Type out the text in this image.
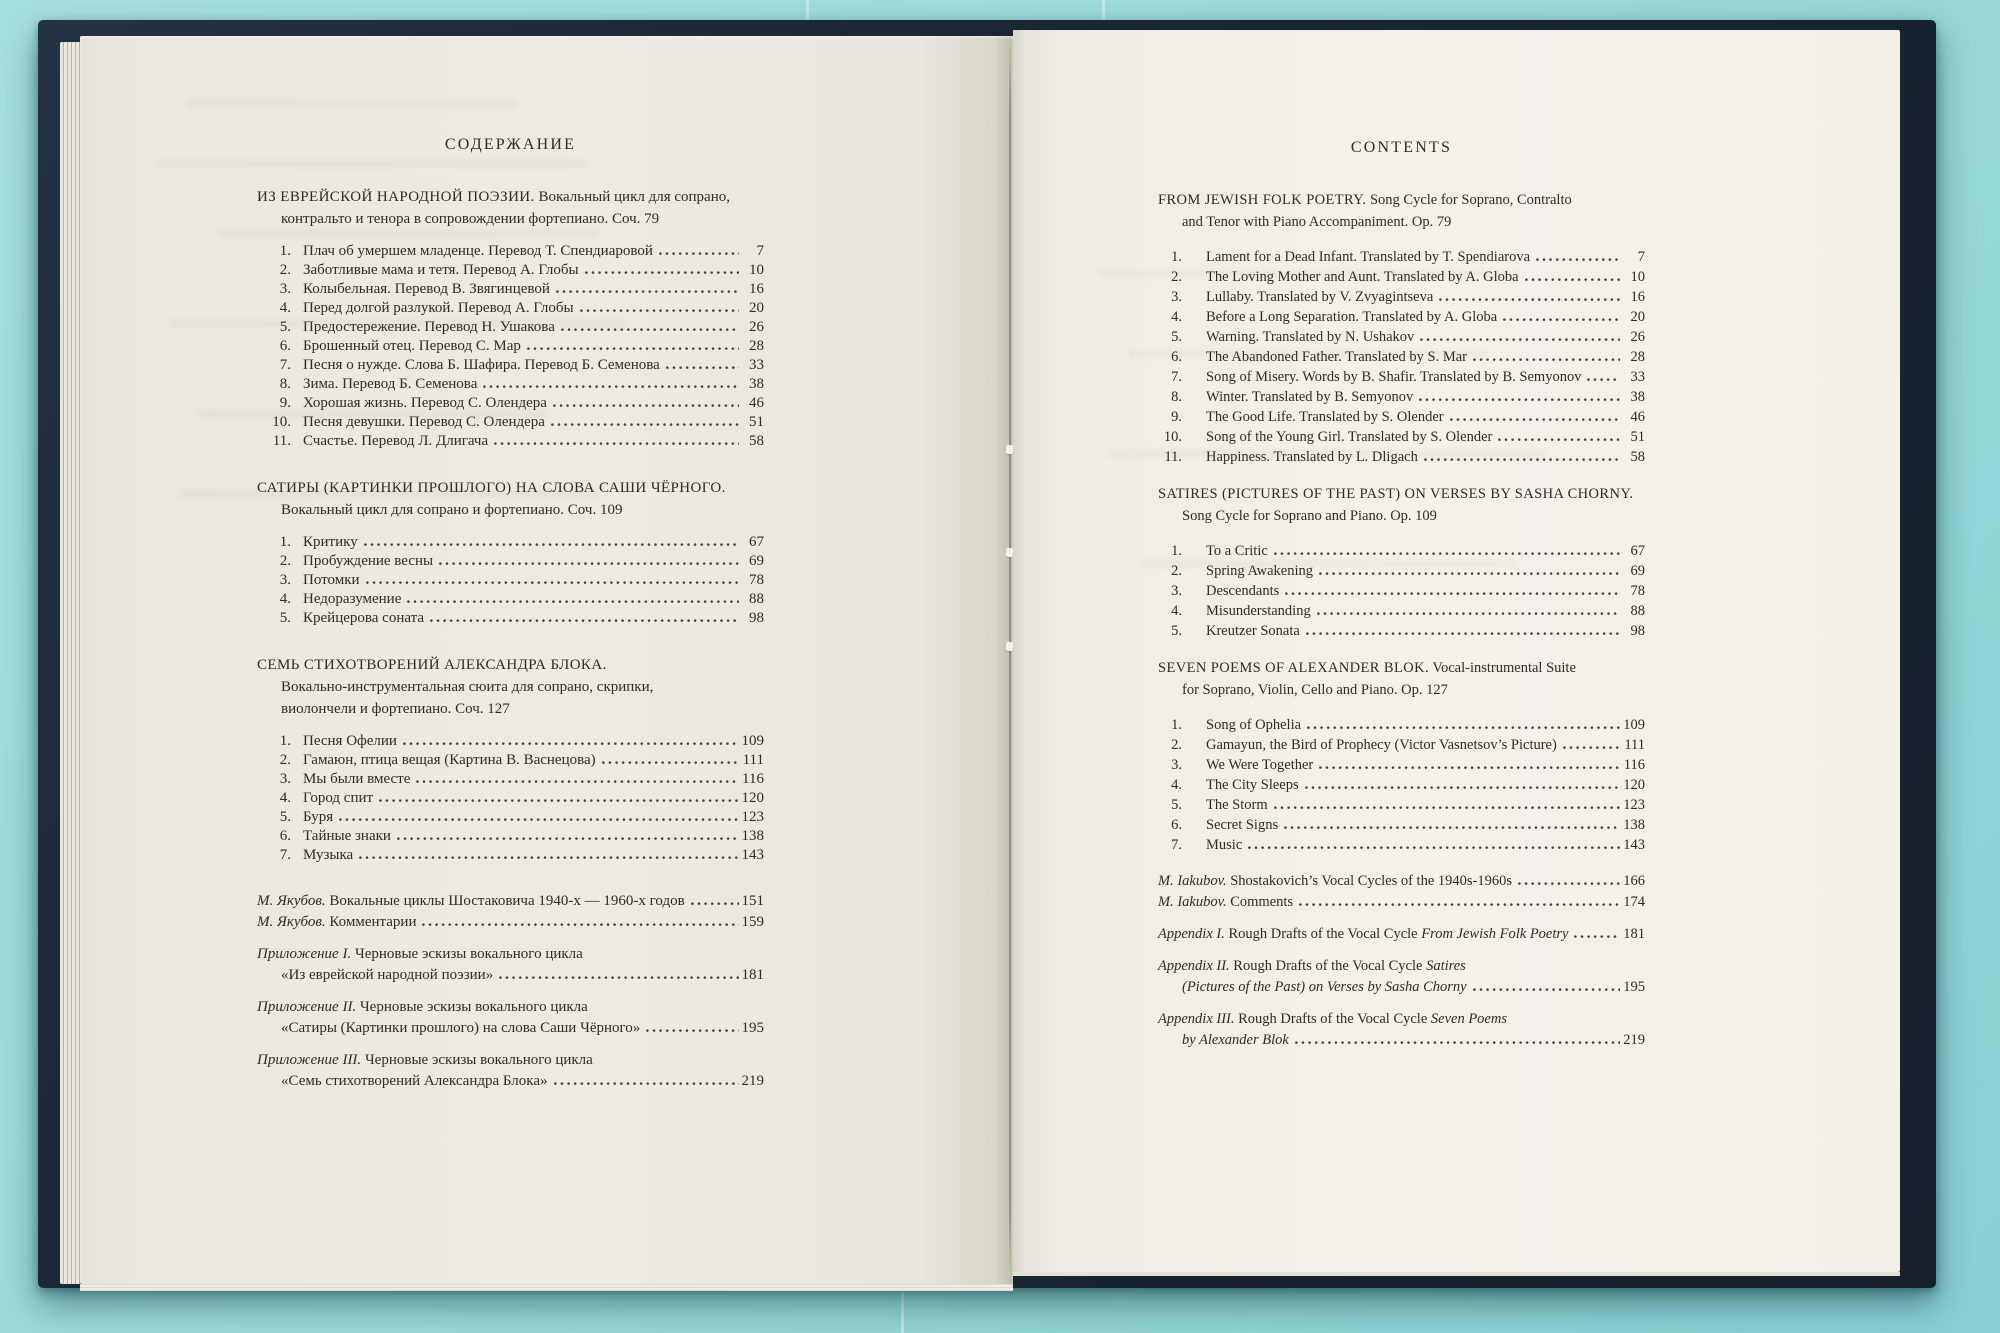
СОДЕРЖАНИЕ
ИЗ ЕВРЕЙСКОЙ НАРОДНОЙ ПОЭЗИИ. Вокальный цикл для сопрано,
контральто и тенора в сопровождении фортепиано. Соч. 79
1. Плач об умершем младенце. Перевод Т. Спендиаровой	7
2. Заботливые мама и тетя. Перевод А. Глобы	10
3. Колыбельная. Перевод В. Звягинцевой	16
4. Перед долгой разлукой. Перевод А. Глобы	20
5. Предостережение. Перевод Н. Ушакова	26
6. Брошенный отец. Перевод С. Мар	28
7. Песня о нужде. Слова Б. Шафира. Перевод Б. Семенова	33
8. Зима. Перевод Б. Семенова	38
9. Хорошая жизнь. Перевод С. Олендера	46
10. Песня девушки. Перевод С. Олендера	51
11. Счастье. Перевод Л. Длигача	58
САТИРЫ (КАРТИНКИ ПРОШЛОГО) НА СЛОВА САШИ ЧЁРНОГО.
Вокальный цикл для сопрано и фортепиано. Соч. 109
1. Критику	67
2. Пробуждение весны	69
3. Потомки	78
4. Недоразумение	88
5. Крейцерова соната	98
СЕМЬ СТИХОТВОРЕНИЙ АЛЕКСАНДРА БЛОКА.
Вокально-инструментальная сюита для сопрано, скрипки,
виолончели и фортепиано. Соч. 127
1. Песня Офелии	109
2. Гамаюн, птица вещая (Картина В. Васнецова)	111
3. Мы были вместе	116
4. Город спит	120
5. Буря	123
6. Тайные знаки	138
7. Музыка	143
М. Якубов. Вокальные циклы Шостаковича 1940-х — 1960-х годов	151
М. Якубов. Комментарии	159
Приложение I. Черновые эскизы вокального цикла
«Из еврейской народной поэзии»	181
Приложение II. Черновые эскизы вокального цикла
«Сатиры (Картинки прошлого) на слова Саши Чёрного»	195
Приложение III. Черновые эскизы вокального цикла
«Семь стихотворений Александра Блока»	219
CONTENTS
FROM JEWISH FOLK POETRY. Song Cycle for Soprano, Contralto
and Tenor with Piano Accompaniment. Op. 79
1. Lament for a Dead Infant. Translated by T. Spendiarova	7
2. The Loving Mother and Aunt. Translated by A. Globa	10
3. Lullaby. Translated by V. Zvyagintseva	16
4. Before a Long Separation. Translated by A. Globa	20
5. Warning. Translated by N. Ushakov	26
6. The Abandoned Father. Translated by S. Mar	28
7. Song of Misery. Words by B. Shafir. Translated by B. Semyonov	33
8. Winter. Translated by B. Semyonov	38
9. The Good Life. Translated by S. Olender	46
10. Song of the Young Girl. Translated by S. Olender	51
11. Happiness. Translated by L. Dligach	58
SATIRES (PICTURES OF THE PAST) ON VERSES BY SASHA CHORNY.
Song Cycle for Soprano and Piano. Op. 109
1. To a Critic	67
2. Spring Awakening	69
3. Descendants	78
4. Misunderstanding	88
5. Kreutzer Sonata	98
SEVEN POEMS OF ALEXANDER BLOK. Vocal-instrumental Suite
for Soprano, Violin, Cello and Piano. Op. 127
1. Song of Ophelia	109
2. Gamayun, the Bird of Prophecy (Victor Vasnetsov’s Picture)	111
3. We Were Together	116
4. The City Sleeps	120
5. The Storm	123
6. Secret Signs	138
7. Music	143
M. Iakubov. Shostakovich’s Vocal Cycles of the 1940s-1960s	166
M. Iakubov. Comments	174
Appendix I. Rough Drafts of the Vocal Cycle From Jewish Folk Poetry	181
Appendix II. Rough Drafts of the Vocal Cycle Satires
(Pictures of the Past) on Verses by Sasha Chorny	195
Appendix III. Rough Drafts of the Vocal Cycle Seven Poems
by Alexander Blok	219
